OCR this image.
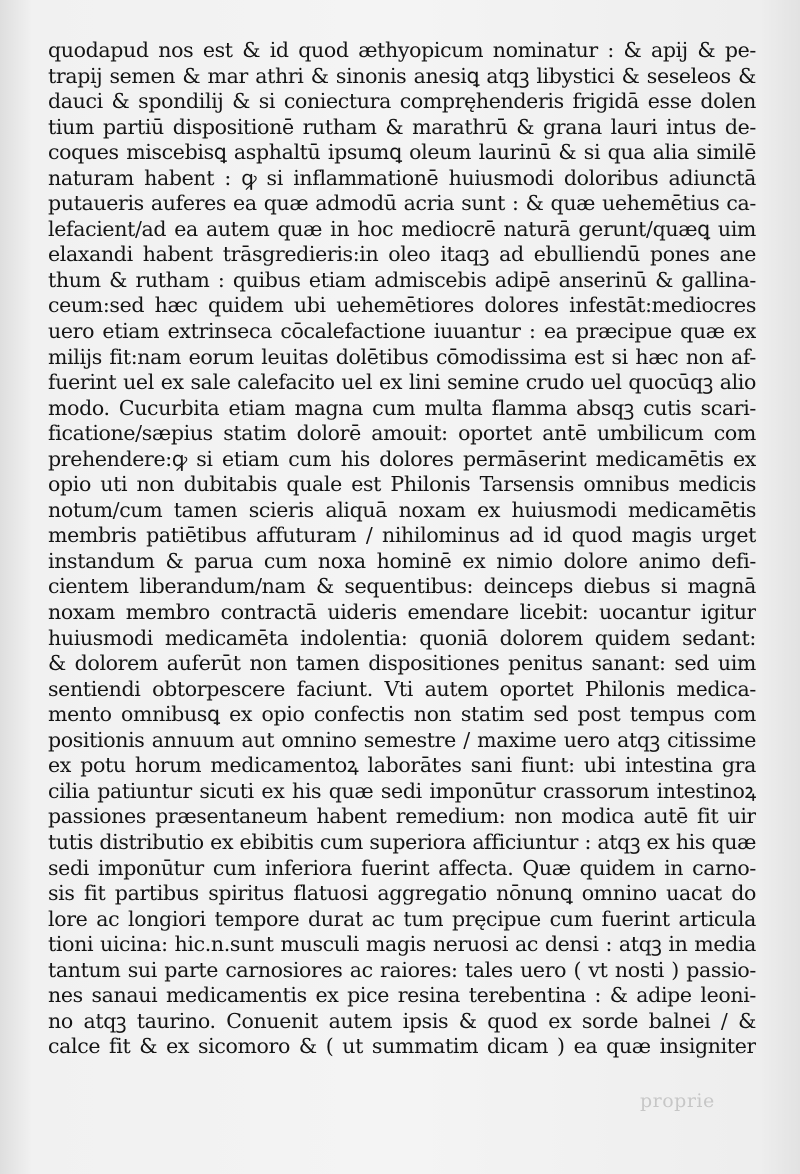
quodapud nos est & id quod æthyopicum nominatur : & apij & pe-
trapij semen & mar athri & sinonis anesiꝗ atqꝫ libystici & seseleos &
dauci & spondilij & si coniectura compręhenderis frigidā esse dolen
tium partiū dispositionē rutham & marathrū & grana lauri intus de-
coques miscebisꝗ asphaltū ipsumꝗ oleum laurinū & si qua alia similē
naturam habent : ꝙ si inflammationē huiusmodi doloribus adiunctā
putaueris auferes ea quæ admodū acria sunt : & quæ uehemētius ca-
lefacient/ad ea autem quæ in hoc mediocrē naturā gerunt/quæꝗ uim
elaxandi habent trāsgredieris:in oleo itaqꝫ ad ebulliendū pones ane
thum & rutham : quibus etiam admiscebis adipē anserinū & gallina-
ceum:sed hæc quidem ubi uehemētiores dolores infestāt:mediocres
uero etiam extrinseca cōcalefactione iuuantur : ea præcipue quæ ex
milijs fit:nam eorum leuitas dolētibus cōmodissima est si hæc non af-
fuerint uel ex sale calefacito uel ex lini semine crudo uel quocūqꝫ alio
modo. Cucurbita etiam magna cum multa flamma absqꝫ cutis scari-
ficatione/sæpius statim dolorē amouit: oportet antē umbilicum com
prehendere:ꝙ si etiam cum his dolores permāserint medicamētis ex
opio uti non dubitabis quale est Philonis Tarsensis omnibus medicis
notum/cum tamen scieris aliquā noxam ex huiusmodi medicamētis
membris patiētibus affuturam / nihilominus ad id quod magis urget
instandum & parua cum noxa hominē ex nimio dolore animo defi-
cientem liberandum/nam & sequentibus: deinceps diebus si magnā
noxam membro contractā uideris emendare licebit: uocantur igitur
huiusmodi medicamēta indolentia: quoniā dolorem quidem sedant:
& dolorem auferūt non tamen dispositiones penitus sanant: sed uim
sentiendi obtorpescere faciunt. Vti autem oportet Philonis medica-
mento omnibusꝗ ex opio confectis non statim sed post tempus com
positionis annuum aut omnino semestre / maxime uero atqꝫ citissime
ex potu horum medicamentoꝝ laborātes sani fiunt: ubi intestina gra
cilia patiuntur sicuti ex his quæ sedi imponūtur crassorum intestinoꝝ
passiones præsentaneum habent remedium: non modica autē fit uir
tutis distributio ex ebibitis cum superiora afficiuntur : atqꝫ ex his quæ
sedi imponūtur cum inferiora fuerint affecta. Quæ quidem in carno-
sis fit partibus spiritus flatuosi aggregatio nōnunꝗ omnino uacat do
lore ac longiori tempore durat ac tum pręcipue cum fuerint articula
tioni uicina: hic.n.sunt musculi magis neruosi ac densi : atqꝫ in media
tantum sui parte carnosiores ac raiores: tales uero ( vt nosti ) passio-
nes sanaui medicamentis ex pice resina terebentina : & adipe leoni-
no atqꝫ taurino. Conuenit autem ipsis & quod ex sorde balnei / &
calce fit & ex sicomoro & ( ut summatim dicam ) ea quæ insigniter
proprie
